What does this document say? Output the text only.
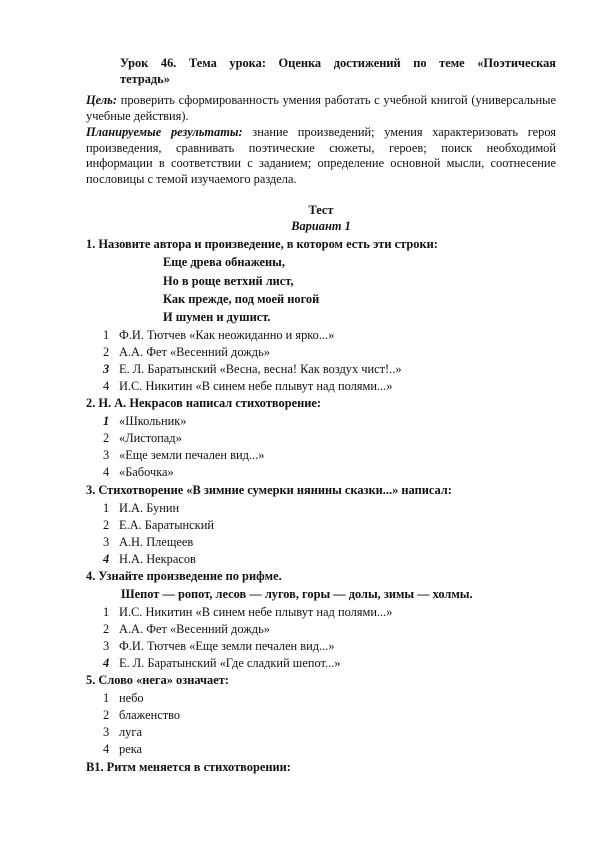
Урок 46. Тема урока: Оценка достижений по теме «Поэтическая
тетрадь»
Цель: проверить сформированность умения работать с учебной книгой (универсальные учебные действия).
Планируемые результаты: знание произведений; умения характеризовать героя произведения, сравнивать поэтические сюжеты, героев; поиск необходимой информации в соответствии с заданием; определение основной мысли, соотнесение пословицы с темой изучаемого раздела.
Тест
Вариант 1
1. Назовите автора и произведение, в котором есть эти строки:
Еще древа обнажены,
Но в роще ветхий лист,
Как прежде, под моей ногой
И шумен и душист.
1 Ф.И. Тютчев «Как неожиданно и ярко...»
2 А.А. Фет «Весенний дождь»
3 Е. Л. Баратынский «Весна, весна! Как воздух чист!..»
4 И.С. Никитин «В синем небе плывут над полями...»
2. Н. А. Некрасов написал стихотворение:
1 «Школьник»
2 «Листопад»
3 «Еще земли печален вид...»
4 «Бабочка»
3. Стихотворение «В зимние сумерки нянины сказки...» написал:
1 И.А. Бунин
2 Е.А. Баратынский
3 А.Н. Плещеев
4 Н.А. Некрасов
4. Узнайте произведение по рифме.
Шепот — ропот, лесов — лугов, горы — долы, зимы — холмы.
1 И.С. Никитин «В синем небе плывут над полями...»
2 А.А. Фет «Весенний дождь»
3 Ф.И. Тютчев «Еще земли печален вид...»
4 Е. Л. Баратынский «Где сладкий шепот...»
5. Слово «нега» означает:
1 небо
2 блаженство
3 луга
4 река
В1. Ритм меняется в стихотворении:
